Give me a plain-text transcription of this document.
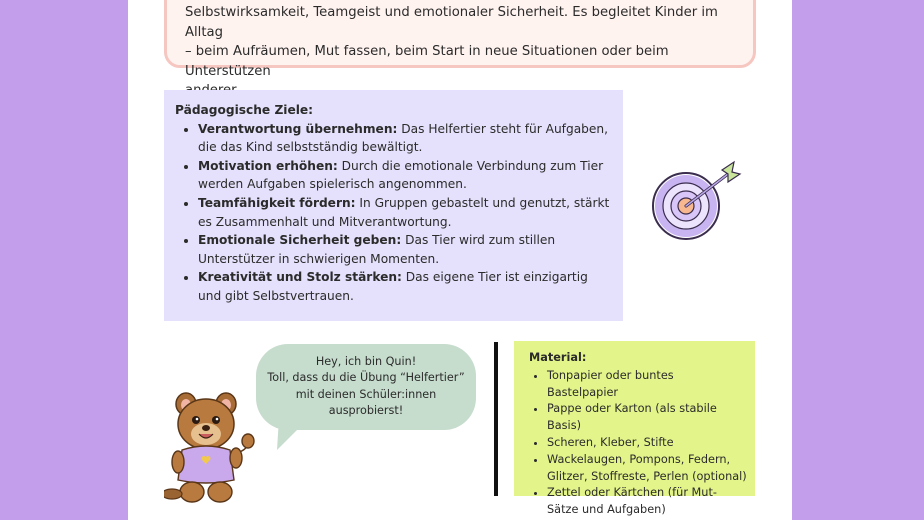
Selbstwirksamkeit, Teamgeist und emotionaler Sicherheit. Es begleitet Kinder im Alltag
– beim Aufräumen, Mut fassen, beim Start in neue Situationen oder beim Unterstützen
Pädagogische Ziele:
• Verantwortung übernehmen: Das Helfertier steht für Aufgaben, die das Kind selbstständig bewältigt.
• Motivation erhöhen: Durch die emotionale Verbindung zum Tier werden Aufgaben spielerisch angenommen.
• Teamfähigkeit fördern: In Gruppen gebastelt und genutzt, stärkt es Zusammenhalt und Mitverantwortung.
• Emotionale Sicherheit geben: Das Tier wird zum stillen Unterstützer in schwierigen Momenten.
• Kreativität und Stolz stärken: Das eigene Tier ist einzigartig und gibt Selbstvertrauen.
Hey, ich bin Quin!
Toll, dass du die Übung “Helfertier”
mit deinen Schüler:innen
ausprobierst!
Material:
• Tonpapier oder buntes Bastelpapier
• Pappe oder Karton (als stabile Basis)
• Scheren, Kleber, Stifte
• Wackelaugen, Pompons, Federn, Glitzer, Stoffreste, Perlen (optional)
• Zettel oder Kärtchen (für Mut-Sätze und Aufgaben)
